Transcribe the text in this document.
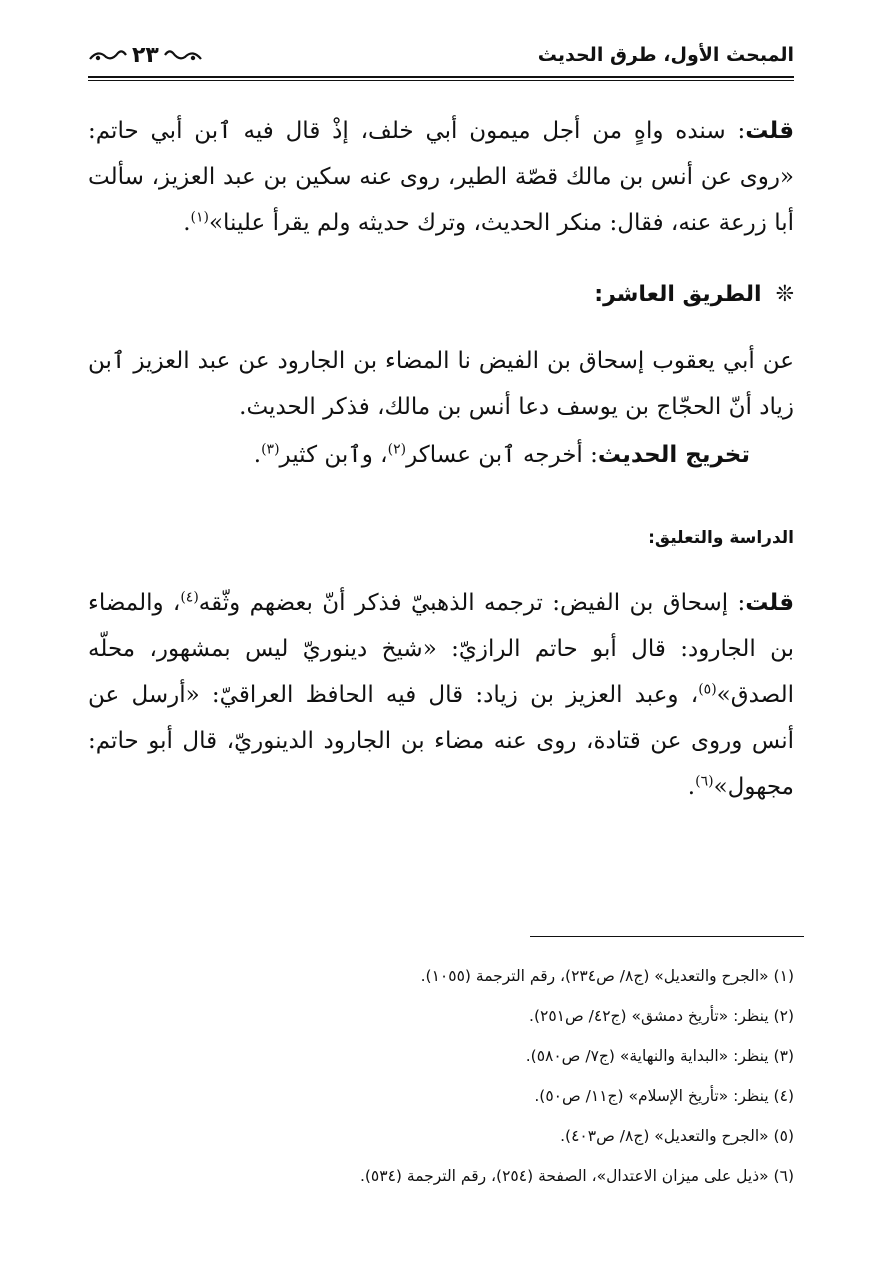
المبحث الأول، طرق الحديث
٢٣

قلت: سنده واهٍ من أجل ميمون أبي خلف، إذْ قال فيه ٱبن أبي حاتم: «روى عن أنس بن مالك قصّة الطير، روى عنه سكين بن عبد العزيز، سألت أبا زرعة عنه، فقال: منكر الحديث، وترك حديثه ولم يقرأ علينا»$^{(١)}$.

❊الطريق العاشر:

عن أبي يعقوب إسحاق بن الفيض نا المضاء بن الجارود عن عبد العزيز ٱبن زياد أنّ الحجّاج بن يوسف دعا أنس بن مالك، فذكر الحديث.

تخريج الحديث: أخرجه ٱبن عساكر$^{(٢)}$، وٱبن كثير$^{(٣)}$.

الدراسة والتعليق:

قلت: إسحاق بن الفيض: ترجمه الذهبيّ فذكر أنّ بعضهم وثّقه$^{(٤)}$، والمضاء بن الجارود: قال أبو حاتم الرازيّ: «شيخ دينوريّ ليس بمشهور، محلّه الصدق»$^{(٥)}$، وعبد العزيز بن زياد: قال فيه الحافظ العراقيّ: «أرسل عن أنس وروى عن قتادة، روى عنه مضاء بن الجارود الدينوريّ، قال أبو حاتم: مجهول»$^{(٦)}$.

(١) «الجرح والتعديل» (ج٨/ ص٢٣٤)، رقم الترجمة (١٠٥٥).
(٢) ينظر: «تأريخ دمشق» (ج٤٢/ ص٢٥١).
(٣) ينظر: «البداية والنهاية» (ج٧/ ص٥٨٠).
(٤) ينظر: «تأريخ الإسلام» (ج١١/ ص٥٠).
(٥) «الجرح والتعديل» (ج٨/ ص٤٠٣).
(٦) «ذيل على ميزان الاعتدال»، الصفحة (٢٥٤)، رقم الترجمة (٥٣٤).
